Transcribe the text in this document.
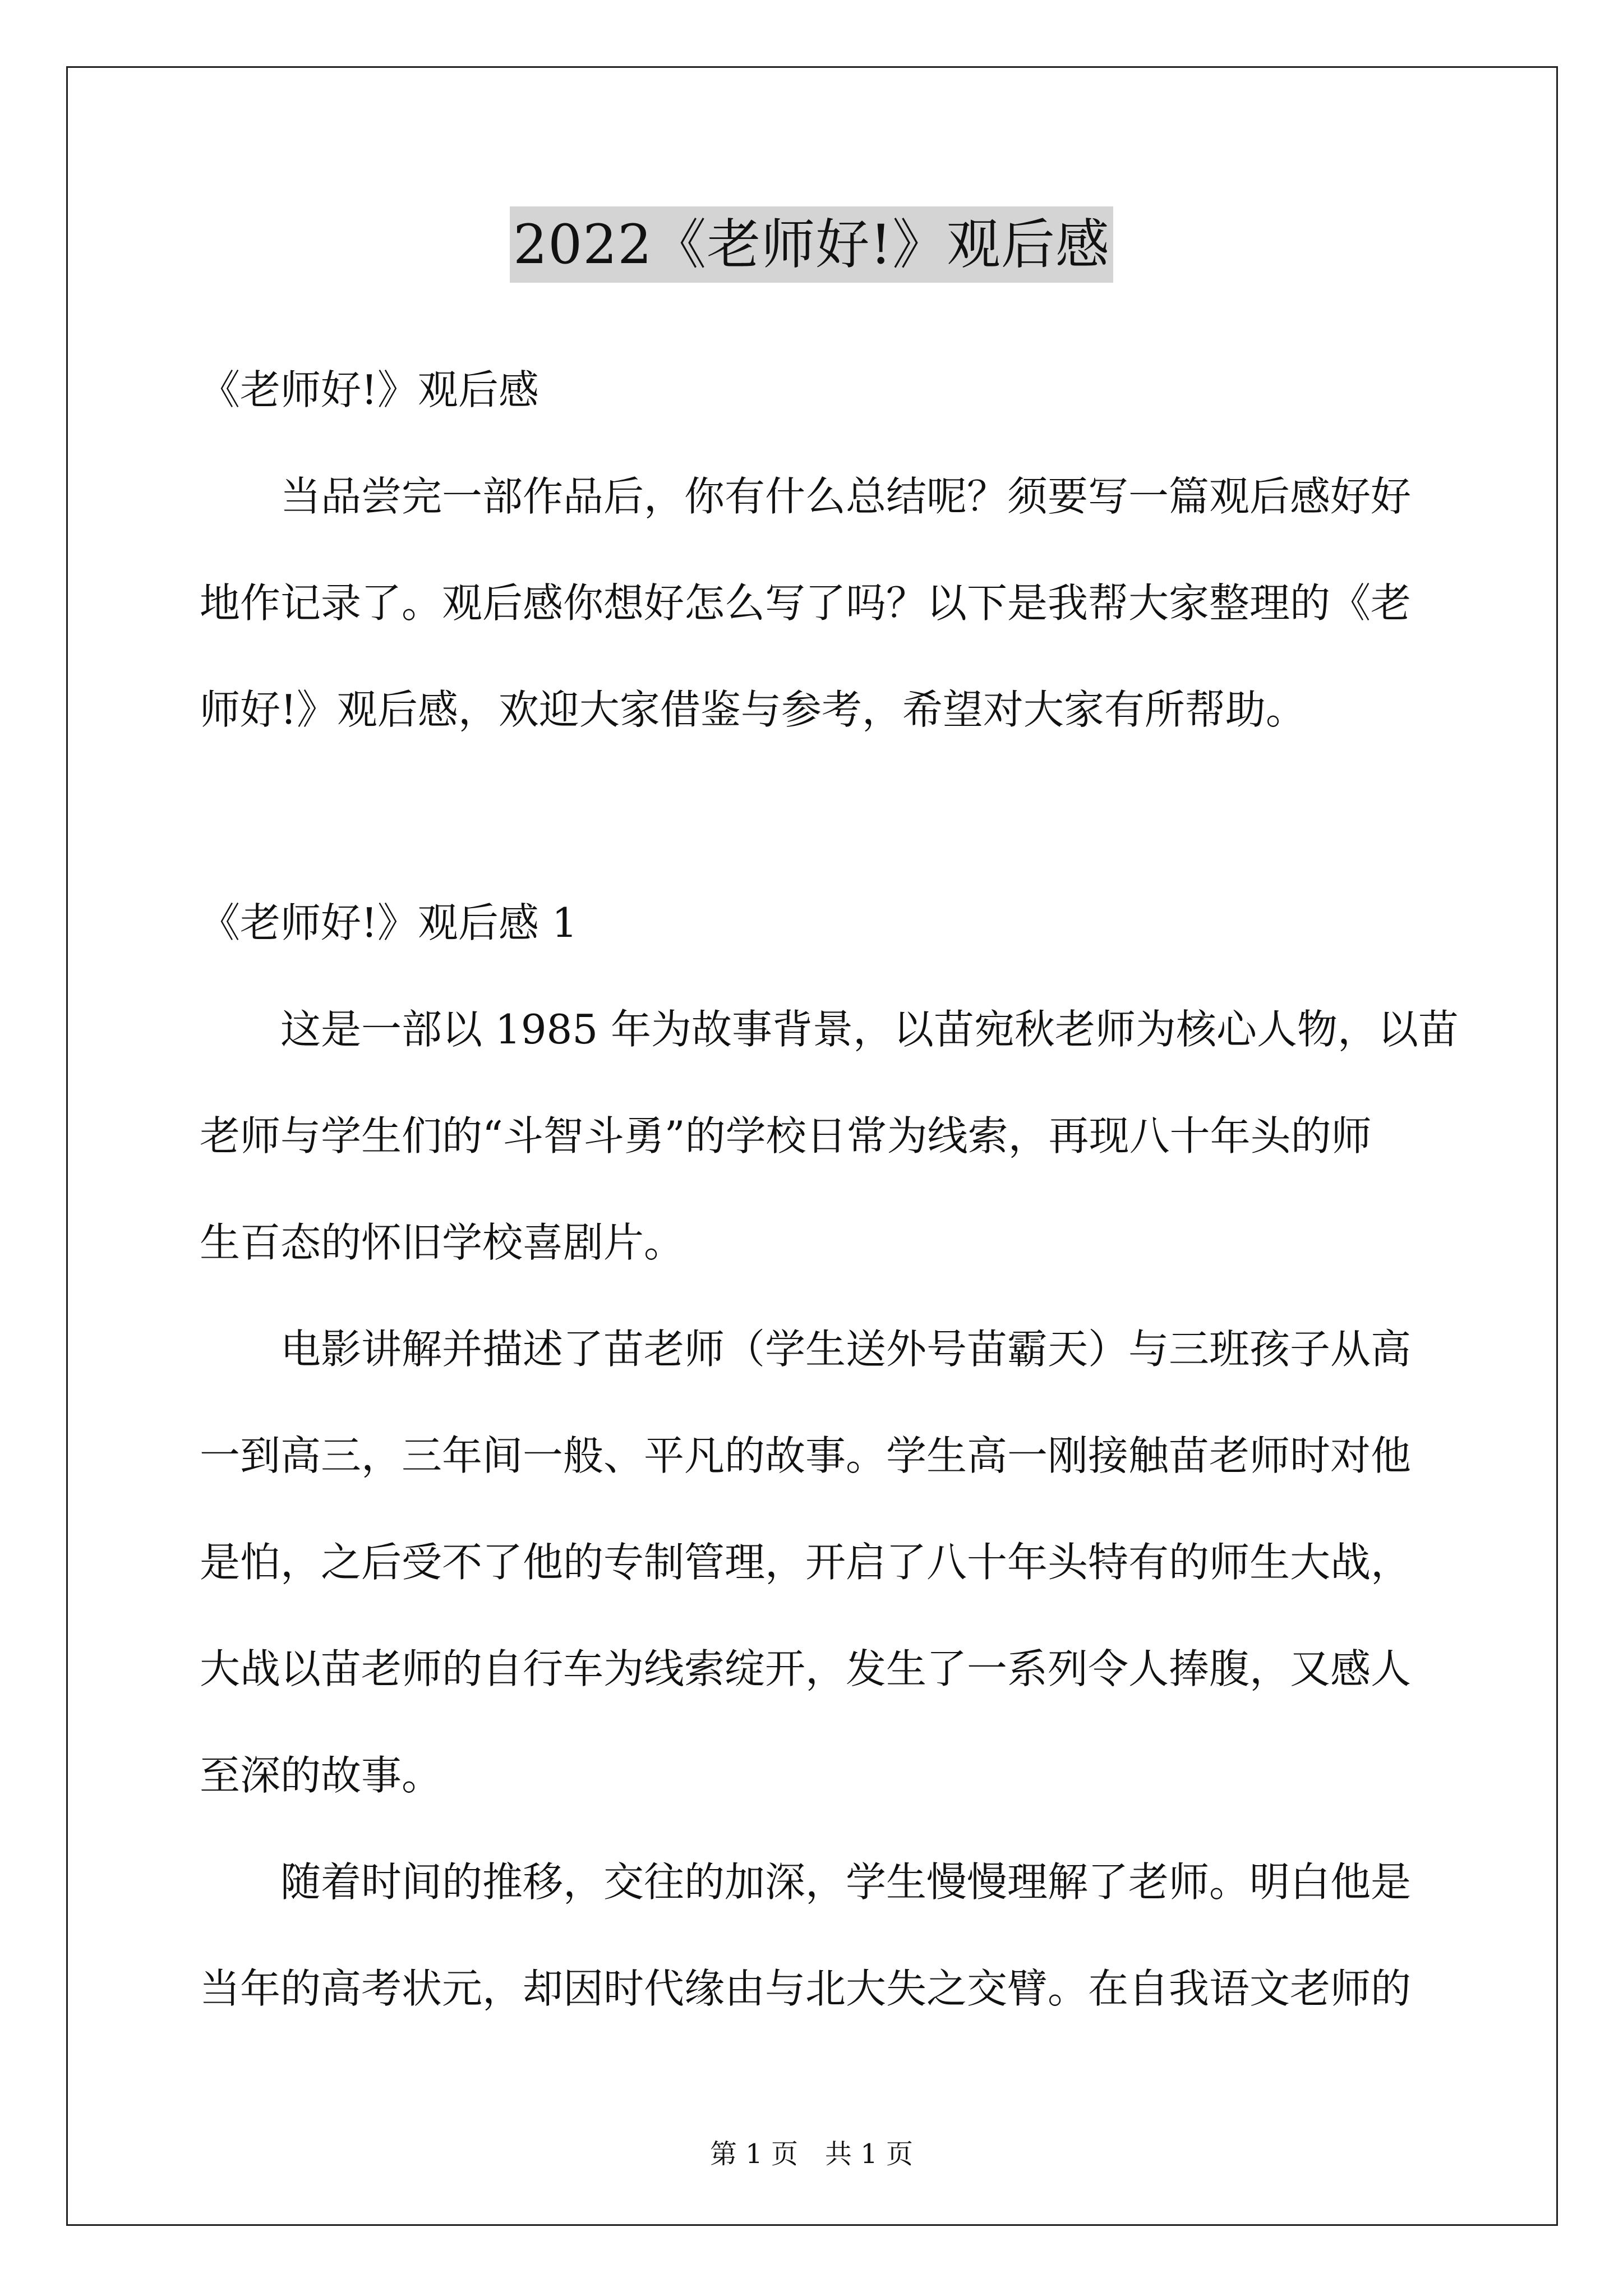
2022《老师好!》观后感
《老师好!》观后感
当品尝完一部作品后，你有什么总结呢？须要写一篇观后感好好
地作记录了。观后感你想好怎么写了吗？以下是我帮大家整理的《老
师好!》观后感，欢迎大家借鉴与参考，希望对大家有所帮助。
《老师好!》观后感 1
这是一部以 1985 年为故事背景，以苗宛秋老师为核心人物，以苗
老师与学生们的“斗智斗勇”的学校日常为线索，再现八十年头的师
生百态的怀旧学校喜剧片。
电影讲解并描述了苗老师（学生送外号苗霸天）与三班孩子从高
一到高三，三年间一般、平凡的故事。学生高一刚接触苗老师时对他
是怕，之后受不了他的专制管理，开启了八十年头特有的师生大战，
大战以苗老师的自行车为线索绽开，发生了一系列令人捧腹，又感人
至深的故事。
随着时间的推移，交往的加深，学生慢慢理解了老师。明白他是
当年的高考状元，却因时代缘由与北大失之交臂。在自我语文老师的
第 1 页 共 1 页
